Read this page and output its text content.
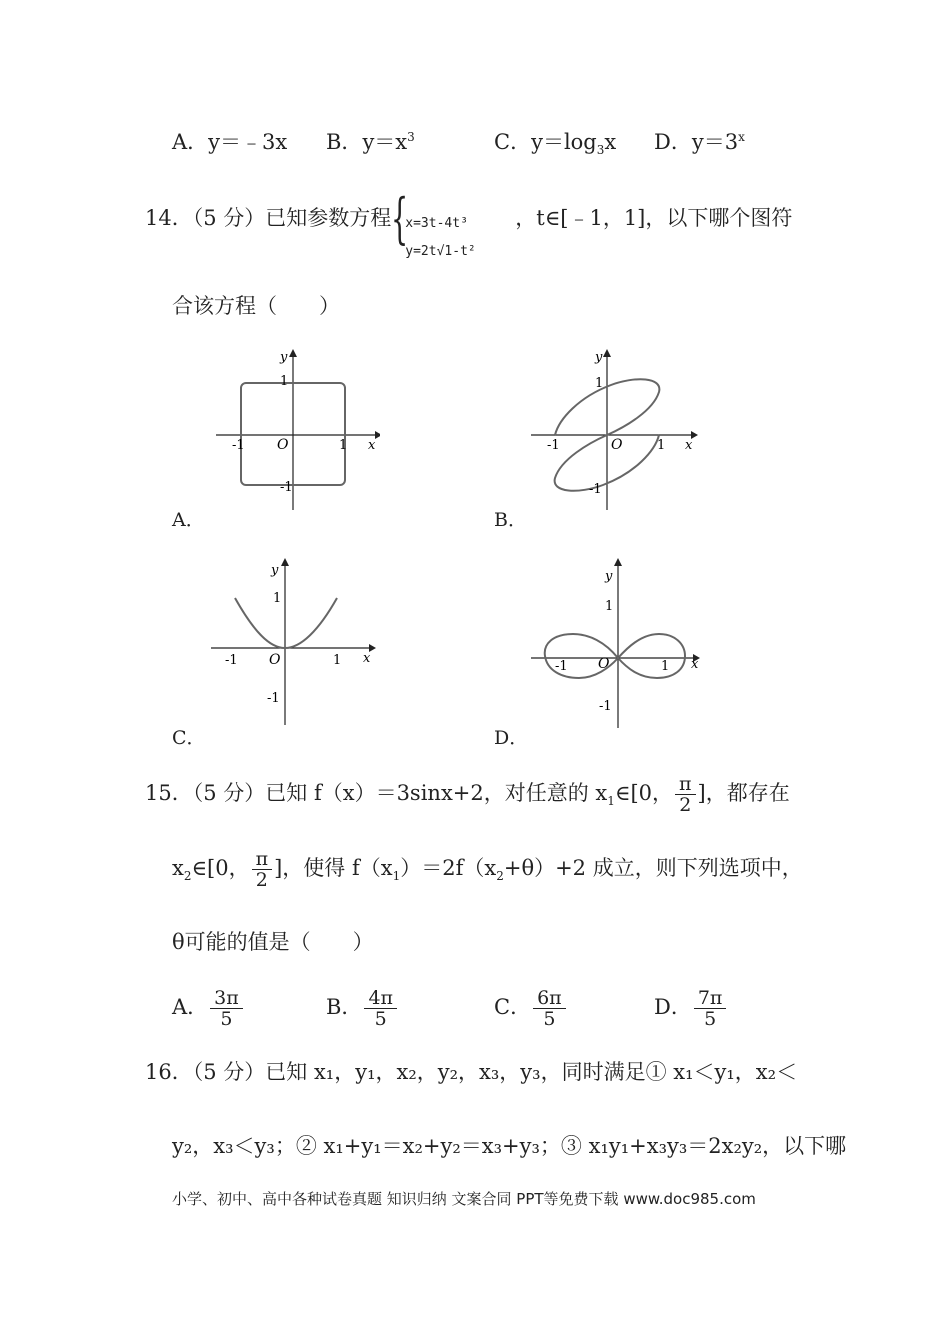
A．y＝﹣3x B．$y=x^3$	C．$y=\log_3x$ D．$y=3^x$
14．（5 分）已知参数方程 {
x=3t-4t³
y=2t√1-t²
，t∈[﹣1，1]，以下哪个图符
合该方程（　　）
y
1
-1 O	1 x
-1
A．
y
1
-1	O	1 x
-1
B．
y
1
-1 O	1 x
-1
C．
y
1
-1 O	1 x
-1
D．
15．（5 分）已知 f（x）＝3sinx+2，对任意的 $x_1\in[0$， $\frac{\pi}{2}$ ]，都存在
$x_2\in[0$， $\frac{\pi}{2}$ ]，使得 $f(x_1)=2f(x_2+\theta)+2$ 成立，则下列选项中，
θ可能的值是（　　）
A． $\frac{3\pi}{5}$	B． $\frac{4\pi}{5}$	C． $\frac{6\pi}{5}$	D． $\frac{7\pi}{5}$
16．（5 分）已知 x₁，y₁，x₂，y₂，x₃，y₃，同时满足① x₁＜y₁，x₂＜
y₂，x₃＜y₃；② x₁+y₁＝x₂+y₂＝x₃+y₃；③ x₁y₁+x₃y₃＝2x₂y₂，以下哪
小学、初中、高中各种试卷真题 知识归纳 文案合同 PPT等免费下载 www.doc985.com
